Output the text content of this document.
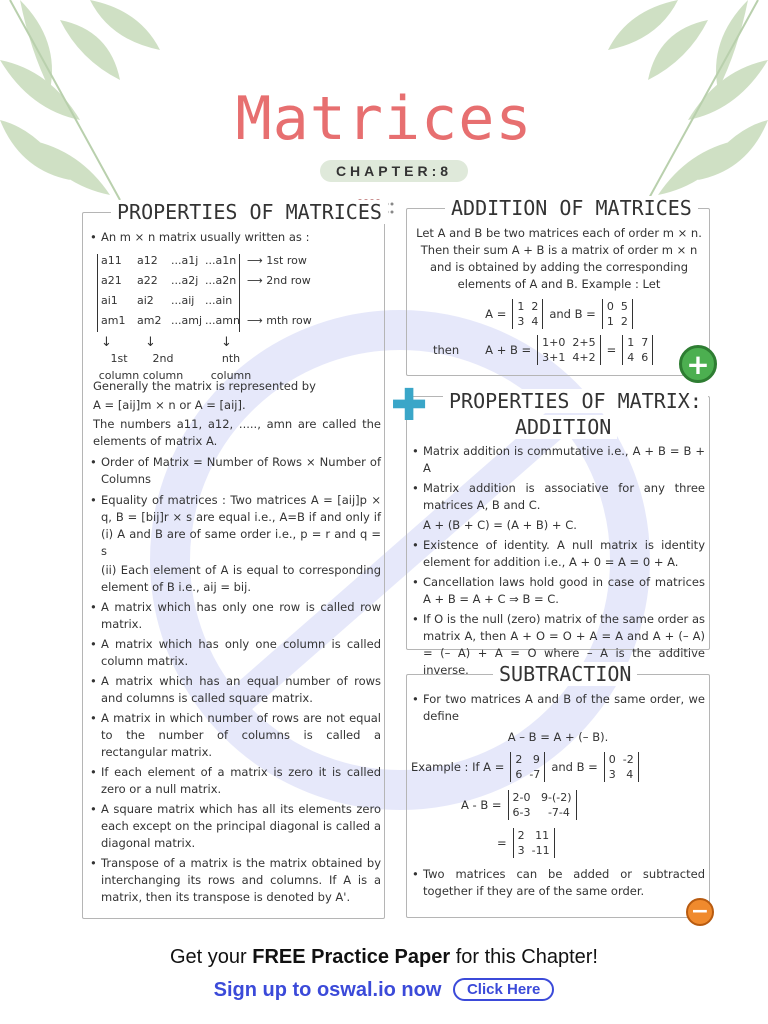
Matrices
CHAPTER:8
PROPERTIES OF MATRICES
• An m × n matrix usually written as :
a11 a12 ...a1j ...a1n ⟶ 1st row
a21 a22 ...a2j ...a2n ⟶ 2nd row
ai1 ai2 ...aij ...ain
am1 am2 ...amj ...amn ⟶ mth row
↓	↓	↓
1st column
2nd column
nth column
Generally the matrix is represented by
A = [aij]m × n or A = [aij].
The numbers a11, a12, ....., amn are called the elements of matrix A.
• Order of Matrix = Number of Rows × Number of Columns
• Equality of matrices : Two matrices A = [aij]p × q, B = [bij]r × s are equal i.e., A=B if and only if (i) A and B are of same order i.e., p = r and q = s
(ii) Each element of A is equal to corresponding element of B i.e., aij = bij.
• A matrix which has only one row is called row matrix.
• A matrix which has only one column is called column matrix.
• A matrix which has an equal number of rows and columns is called square matrix.
• A matrix in which number of rows are not equal to the number of columns is called a rectangular matrix.
• If each element of a matrix is zero it is called zero or a null matrix.
• A square matrix which has all its elements zero each except on the principal diagonal is called a diagonal matrix.
• Transpose of a matrix is the matrix obtained by interchanging its rows and columns. If A is a matrix, then its transpose is denoted by A'.
ADDITION OF MATRICES
Let A and B be two matrices each of order m × n. Then their sum A + B is a matrix of order m × n and is obtained by adding the corresponding elements of A and B. Example : Let
A = 1  2
3  4
and B = 0  5
1  2
then A + B = 1+0  2+5
3+1  4+2
= 1  7
4  6 +
PROPERTIES OF MATRIX:
ADDITION
• Matrix addition is commutative i.e., A + B = B + A
• Matrix addition is associative for any three matrices A, B and C.
A + (B + C) = (A + B) + C.
• Existence of identity. A null matrix is identity element for addition i.e., A + 0 = A = 0 + A.
• Cancellation laws hold good in case of matrices A + B = A + C ⇒ B = C.
• If O is the null (zero) matrix of the same order as matrix A, then A + O = O + A = A and A + (– A) = (– A) + A = O where – A is the additive inverse.
✚
SUBTRACTION
• For two matrices A and B of the same order, we define
A – B = A + (– B).
Example : If A = 2   9
6  -7
and B = 0  -2
3   4
A - B = 2-0   9-(-2)
6-3     -7-4
= 2   11
3  -11
• Two matrices can be added or subtracted together if they are of the same order.
−
Get your FREE Practice Paper for this Chapter!
Sign up to oswal.io now Click Here
